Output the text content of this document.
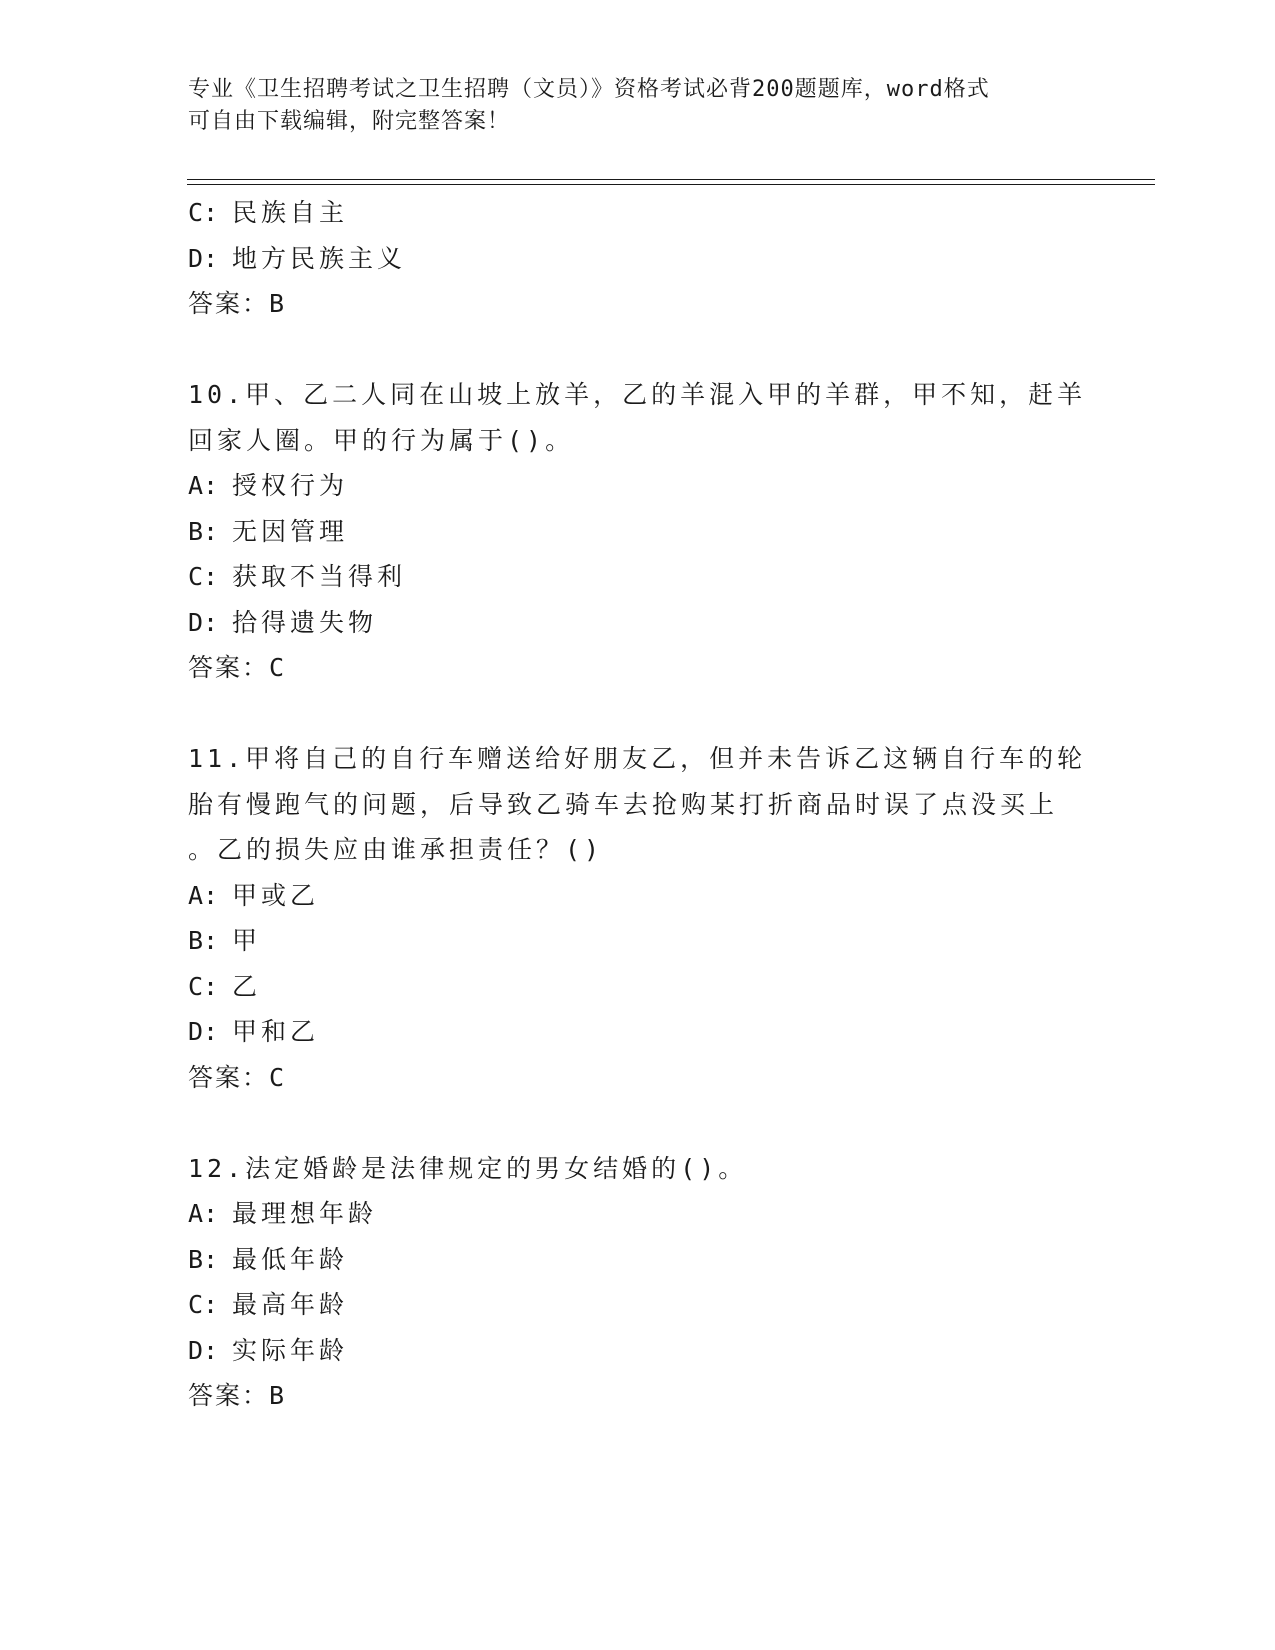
专业《卫生招聘考试之卫生招聘（文员）》资格考试必背200题题库，word格式
可自由下载编辑，附完整答案！
C: 民族自主
D: 地方民族主义
答案：B
10.甲、乙二人同在山坡上放羊，乙的羊混入甲的羊群，甲不知，赶羊
回家人圈。甲的行为属于()。
A: 授权行为
B: 无因管理
C: 获取不当得利
D: 拾得遗失物
答案：C
11.甲将自己的自行车赠送给好朋友乙，但并未告诉乙这辆自行车的轮
胎有慢跑气的问题，后导致乙骑车去抢购某打折商品时误了点没买上
。乙的损失应由谁承担责任？()
A: 甲或乙
B: 甲
C: 乙
D: 甲和乙
答案：C
12.法定婚龄是法律规定的男女结婚的()。
A: 最理想年龄
B: 最低年龄
C: 最高年龄
D: 实际年龄
答案：B
